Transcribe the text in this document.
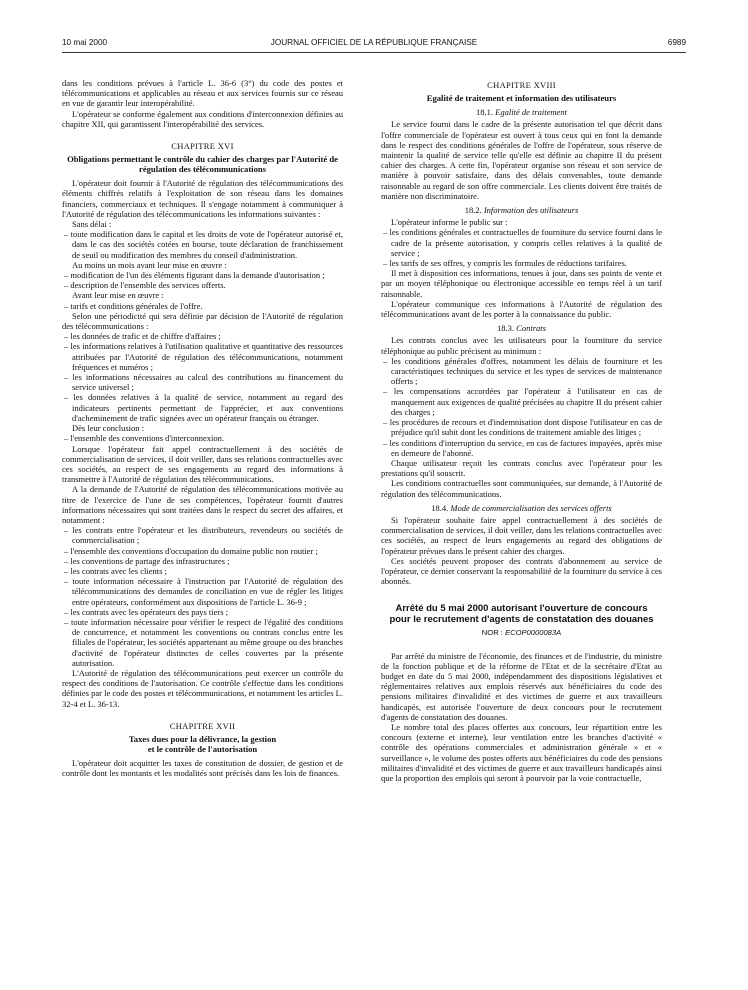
10 mai 2000	JOURNAL OFFICIEL DE LA RÉPUBLIQUE FRANÇAISE	6989

dans les conditions prévues à l'article L. 36-6 (3°) du code des postes et télécommunications et applicables au réseau et aux services fournis sur ce réseau en vue de garantir leur interopérabilité.

L'opérateur se conforme également aux conditions d'interconnexion définies au chapitre XII, qui garantissent l'interopérabilité des services.

CHAPITRE XVI
Obligations permettant le contrôle du cahier des charges par l'Autorité de régulation des télécommunications

L'opérateur doit fournir à l'Autorité de régulation des télécommunications des éléments chiffrés relatifs à l'exploitation de son réseau dans les domaines financiers, commerciaux et techniques. Il s'engage notamment à communiquer à l'Autorité de régulation des télécommunications les informations suivantes :

Sans délai :

– toute modification dans le capital et les droits de vote de l'opérateur autorisé et, dans le cas des sociétés cotées en bourse, toute déclaration de franchissement de seuil ou modification des membres du conseil d'administration.

Au moins un mois avant leur mise en œuvre :

– modification de l'un des éléments figurant dans la demande d'autorisation ;
– description de l'ensemble des services offerts.

Avant leur mise en œuvre :

– tarifs et conditions générales de l'offre.

Selon une périodicité qui sera définie par décision de l'Autorité de régulation des télécommunications :

– les données de trafic et de chiffre d'affaires ;
– les informations relatives à l'utilisation qualitative et quantitative des ressources attribuées par l'Autorité de régulation des télécommunications, notamment fréquences et numéros ;
– les informations nécessaires au calcul des contributions au financement du service universel ;
– les données relatives à la qualité de service, notamment au regard des indicateurs pertinents permettant de l'apprécier, et aux conventions d'acheminement de trafic signées avec un opérateur français ou étranger.

Dès leur conclusion :

– l'ensemble des conventions d'interconnexion.

Lorsque l'opérateur fait appel contractuellement à des sociétés de commercialisation de services, il doit veiller, dans ses relations contractuelles avec ces sociétés, au respect de ses engagements au regard des informations à transmettre à l'Autorité de régulation des télécommunications.

A la demande de l'Autorité de régulation des télécommunications motivée au titre de l'exercice de l'une de ses compétences, l'opérateur fournit d'autres informations nécessaires qui sont traitées dans le respect du secret des affaires, et notamment :

– les contrats entre l'opérateur et les distributeurs, revendeurs ou sociétés de commercialisation ;
– l'ensemble des conventions d'occupation du domaine public non routier ;
– les conventions de partage des infrastructures ;
– les contrats avec les clients ;
– toute information nécessaire à l'instruction par l'Autorité de régulation des télécommunications des demandes de conciliation en vue de régler les litiges entre opérateurs, conformément aux dispositions de l'article L. 36-9 ;
– les contrats avec les opérateurs des pays tiers ;
– toute information nécessaire pour vérifier le respect de l'égalité des conditions de concurrence, et notamment les conventions ou contrats conclus entre les filiales de l'opérateur, les sociétés appartenant au même groupe ou des branches d'activité de l'opérateur distinctes de celles couvertes par la présente autorisation.

L'Autorité de régulation des télécommunications peut exercer un contrôle du respect des conditions de l'autorisation. Ce contrôle s'effectue dans les conditions définies par le code des postes et télécommunications, et notamment les articles L. 32-4 et L. 36-13.

CHAPITRE XVII
Taxes dues pour la délivrance, la gestion
et le contrôle de l'autorisation

L'opérateur doit acquitter les taxes de constitution de dossier, de gestion et de contrôle dont les montants et les modalités sont précisés dans les lois de finances.

CHAPITRE XVIII
Egalité de traitement et information des utilisateurs
18.1. Egalité de traitement

Le service fourni dans le cadre de la présente autorisation tel que décrit dans l'offre commerciale de l'opérateur est ouvert à tous ceux qui en font la demande dans le respect des conditions générales de l'offre de l'opérateur, sous réserve de maintenir la qualité de service telle qu'elle est définie au chapitre II du présent cahier des charges. A cette fin, l'opérateur organise son réseau et son service de manière à pouvoir satisfaire, dans des délais convenables, toute demande raisonnable au regard de son offre commerciale. Les clients doivent être traités de manière non discriminatoire.

18.2. Information des utilisateurs

L'opérateur informe le public sur :

– les conditions générales et contractuelles de fourniture du service fourni dans le cadre de la présente autorisation, y compris celles relatives à la qualité de service ;
– les tarifs de ses offres, y compris les formules de réductions tarifaires.

Il met à disposition ces informations, tenues à jour, dans ses points de vente et par un moyen téléphonique ou électronique accessible en temps réel à un tarif raisonnable.

L'opérateur communique ces informations à l'Autorité de régulation des télécommunications avant de les porter à la connaissance du public.

18.3. Contrats

Les contrats conclus avec les utilisateurs pour la fourniture du service téléphonique au public précisent au minimum :

– les conditions générales d'offres, notamment les délais de fourniture et les caractéristiques techniques du service et les types de services de maintenance offerts ;
– les compensations accordées par l'opérateur à l'utilisateur en cas de manquement aux exigences de qualité précisées au chapitre II du présent cahier des charges ;
– les procédures de recours et d'indemnisation dont dispose l'utilisateur en cas de préjudice qu'il subit dont les conditions de traitement amiable des litiges ;
– les conditions d'interruption du service, en cas de factures impayées, après mise en demeure de l'abonné.

Chaque utilisateur reçoit les contrats conclus avec l'opérateur pour les prestations qu'il souscrit.

Les conditions contractuelles sont communiquées, sur demande, à l'Autorité de régulation des télécommunications.

18.4. Mode de commercialisation des services offerts

Si l'opérateur souhaite faire appel contractuellement à des sociétés de commercialisation de services, il doit veiller, dans les relations contractuelles avec ces sociétés, au respect de leurs engagements au regard des obligations de l'opérateur prévues dans le présent cahier des charges.

Ces sociétés peuvent proposer des contrats d'abonnement au service de l'opérateur, ce dernier conservant la responsabilité de la fourniture du service à ces abonnés.

Arrêté du 5 mai 2000 autorisant l'ouverture de concours pour le recrutement d'agents de constatation des douanes
NOR : ECOP0000083A

Par arrêté du ministre de l'économie, des finances et de l'industrie, du ministre de la fonction publique et de la réforme de l'Etat et de la secrétaire d'Etat au budget en date du 5 mai 2000, indépendamment des dispositions législatives et réglementaires relatives aux emplois réservés aux bénéficiaires du code des pensions militaires d'invalidité et des victimes de guerre et aux travailleurs handicapés, est autorisée l'ouverture de deux concours pour le recrutement d'agents de constatation des douanes.

Le nombre total des places offertes aux concours, leur répartition entre les concours (externe et interne), leur ventilation entre les branches d'activité « contrôle des opérations commerciales et administration générale » et « surveillance », le volume des postes offerts aux bénéficiaires du code des pensions militaires d'invalidité et des victimes de guerre et aux travailleurs handicapés ainsi que la proportion des emplois qui seront à pourvoir par la voie contractuelle,
